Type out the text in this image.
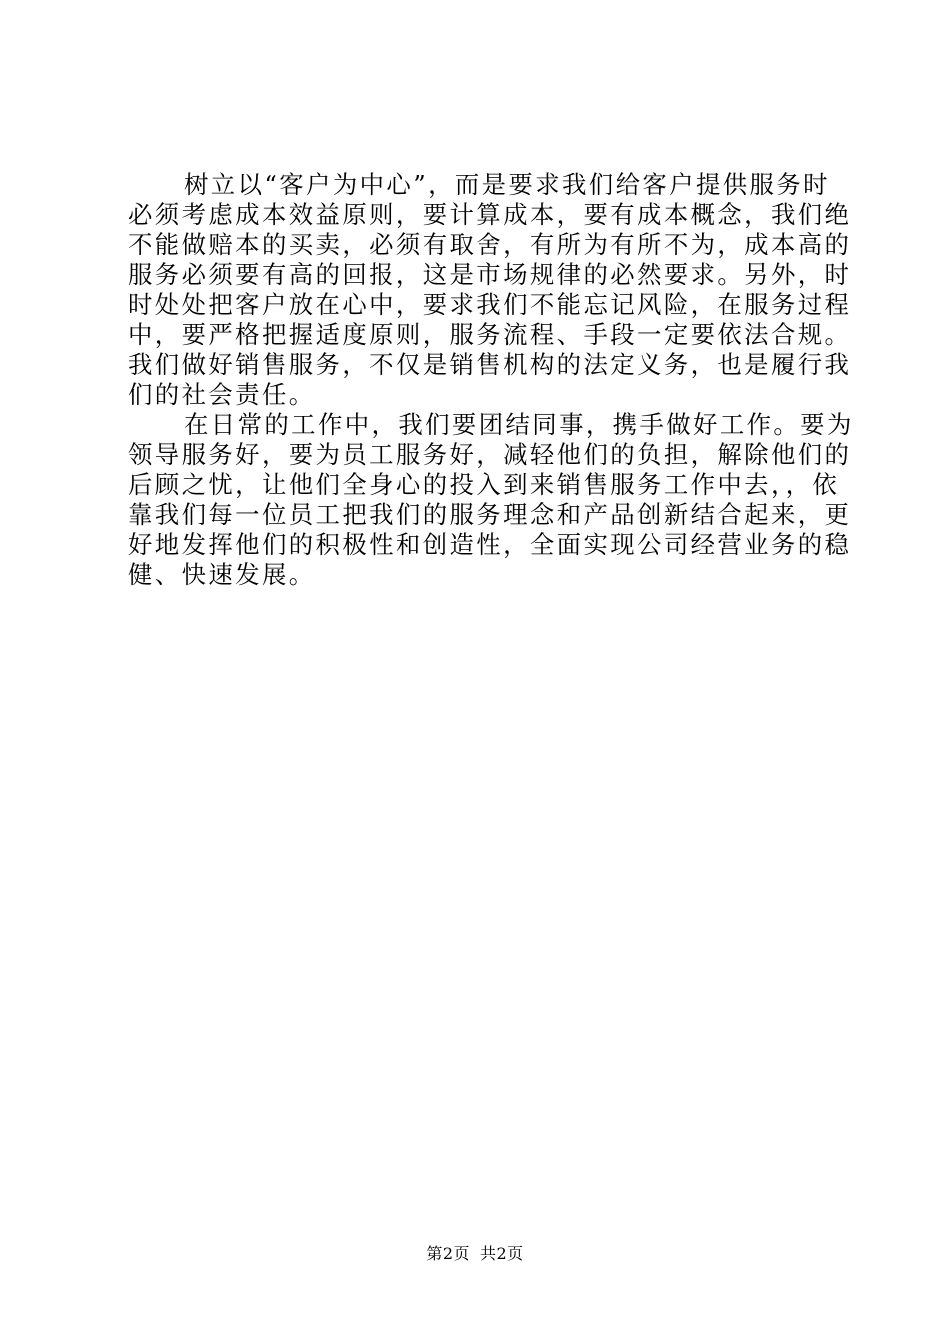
树立以“客户为中心”，而是要求我们给客户提供服务时
必须考虑成本效益原则，要计算成本，要有成本概念，我们绝
不能做赔本的买卖，必须有取舍，有所为有所不为，成本高的
服务必须要有高的回报，这是市场规律的必然要求。另外，时
时处处把客户放在心中，要求我们不能忘记风险，在服务过程
中，要严格把握适度原则，服务流程、手段一定要依法合规。
我们做好销售服务，不仅是销售机构的法定义务，也是履行我
们的社会责任。
在日常的工作中，我们要团结同事，携手做好工作。要为
领导服务好，要为员工服务好，减轻他们的负担，解除他们的
后顾之忧，让他们全身心的投入到来销售服务工作中去，，依
靠我们每一位员工把我们的服务理念和产品创新结合起来，更
好地发挥他们的积极性和创造性，全面实现公司经营业务的稳
健、快速发展。
第2页 共2页
